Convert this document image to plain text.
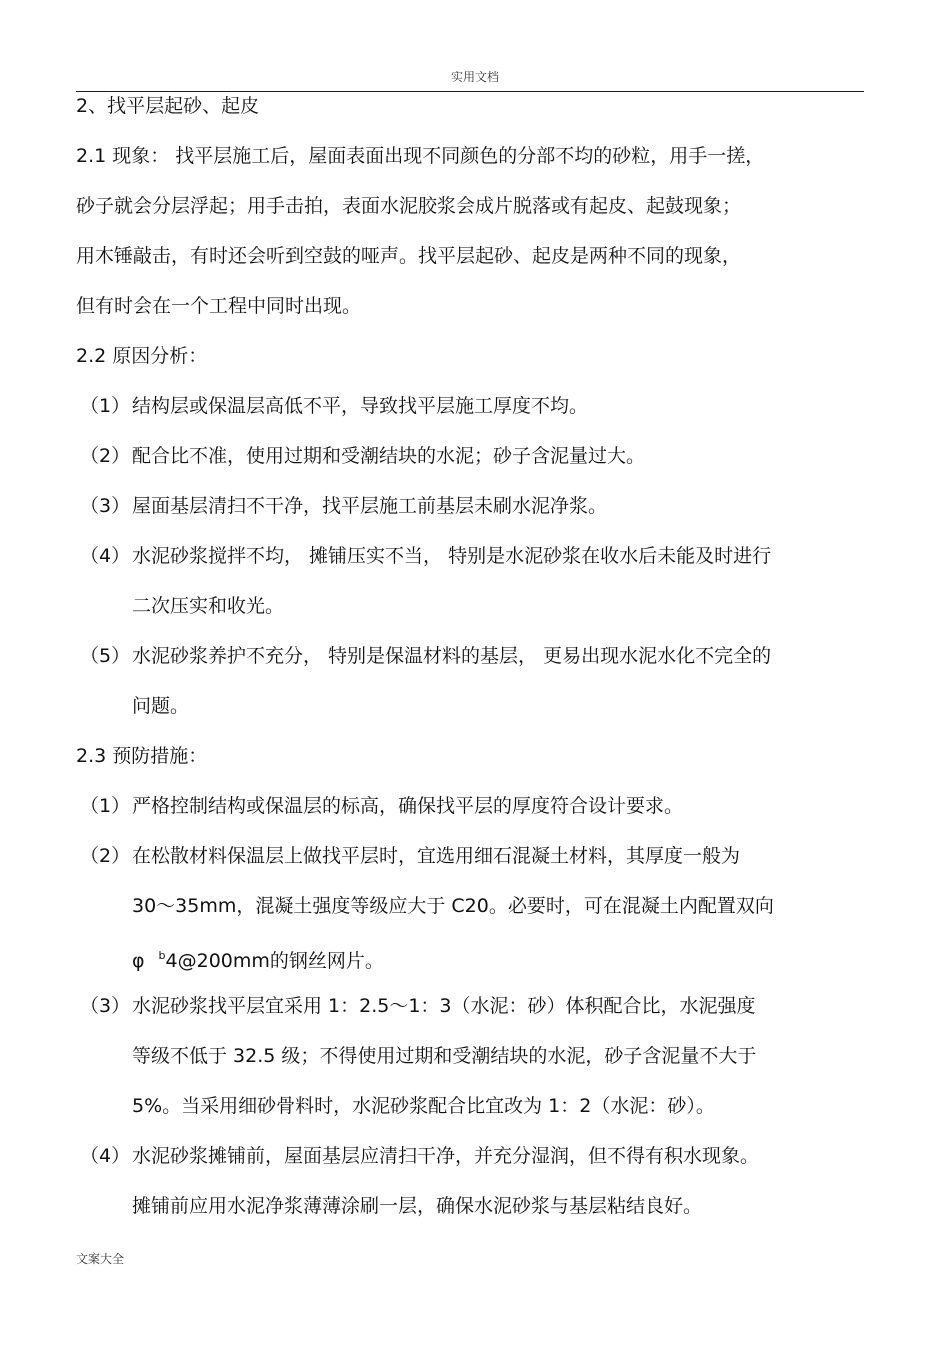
实用文档
2、找平层起砂、起皮
2.1 现象： 找平层施工后，屋面表面出现不同颜色的分部不均的砂粒，用手一搓，
砂子就会分层浮起；用手击拍，表面水泥胶浆会成片脱落或有起皮、起鼓现象；
用木锤敲击，有时还会听到空鼓的哑声。找平层起砂、起皮是两种不同的现象，
但有时会在一个工程中同时出现。
2.2 原因分析：
（1） 结构层或保温层高低不平，导致找平层施工厚度不均。
（2） 配合比不准，使用过期和受潮结块的水泥；砂子含泥量过大。
（3） 屋面基层清扫不干净，找平层施工前基层未刷水泥净浆。
（4） 水泥砂浆搅拌不均， 摊铺压实不当， 特别是水泥砂浆在收水后未能及时进行
二次压实和收光。
（5） 水泥砂浆养护不充分， 特别是保温材料的基层， 更易出现水泥水化不完全的
问题。
2.3 预防措施：
（1） 严格控制结构或保温层的标高，确保找平层的厚度符合设计要求。
（2） 在松散材料保温层上做找平层时，宜选用细石混凝土材料，其厚度一般为
30～35mm，混凝土强度等级应大于 C20。必要时，可在混凝土内配置双向
φ $^b$4@200mm的钢丝网片。
（3） 水泥砂浆找平层宜采用 1：2.5～1：3（水泥：砂）体积配合比，水泥强度
等级不低于 32.5 级；不得使用过期和受潮结块的水泥，砂子含泥量不大于
5%。当采用细砂骨料时，水泥砂浆配合比宜改为 1：2（水泥：砂）。
（4） 水泥砂浆摊铺前，屋面基层应清扫干净，并充分湿润，但不得有积水现象。
摊铺前应用水泥净浆薄薄涂刷一层，确保水泥砂浆与基层粘结良好。
文案大全
